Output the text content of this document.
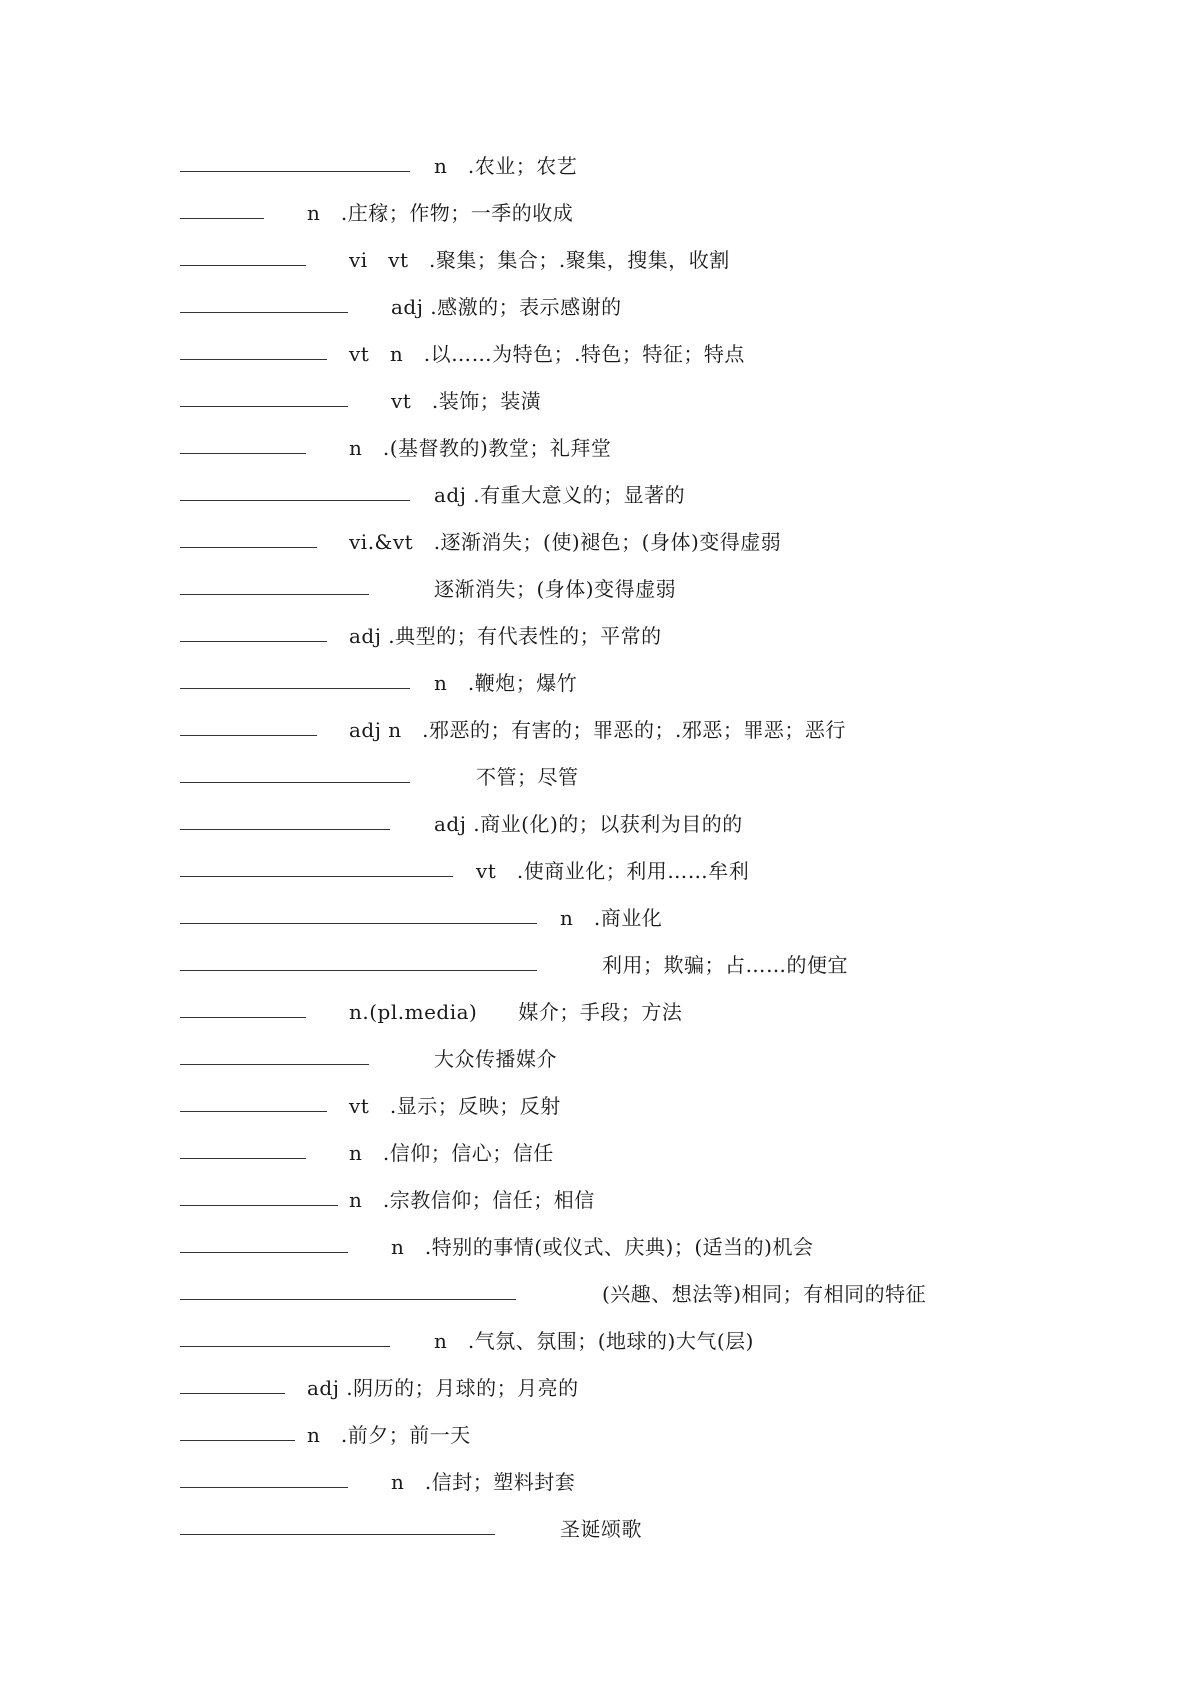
n　.农业；农艺
n　.庄稼；作物；一季的收成
vi　vt　.聚集；集合；.聚集，搜集，收割
adj .感激的；表示感谢的
vt　n　.以……为特色；.特色；特征；特点
vt　.装饰；装潢
n　.(基督教的)教堂；礼拜堂
adj .有重大意义的；显著的
vi.&vt　.逐渐消失；(使)褪色；(身体)变得虚弱
逐渐消失；(身体)变得虚弱
adj .典型的；有代表性的；平常的
n　.鞭炮；爆竹
adj n　.邪恶的；有害的；罪恶的；.邪恶；罪恶；恶行
不管；尽管
adj .商业(化)的；以获利为目的的
vt　.使商业化；利用……牟利
n　.商业化
利用；欺骗；占……的便宜
n.(pl.media)　　媒介；手段；方法
大众传播媒介
vt　.显示；反映；反射
n　.信仰；信心；信任
n　.宗教信仰；信任；相信
n　.特别的事情(或仪式、庆典)；(适当的)机会
(兴趣、想法等)相同；有相同的特征
n　.气氛、氛围；(地球的)大气(层)
adj .阴历的；月球的；月亮的
n　.前夕；前一天
n　.信封；塑料封套
圣诞颂歌
